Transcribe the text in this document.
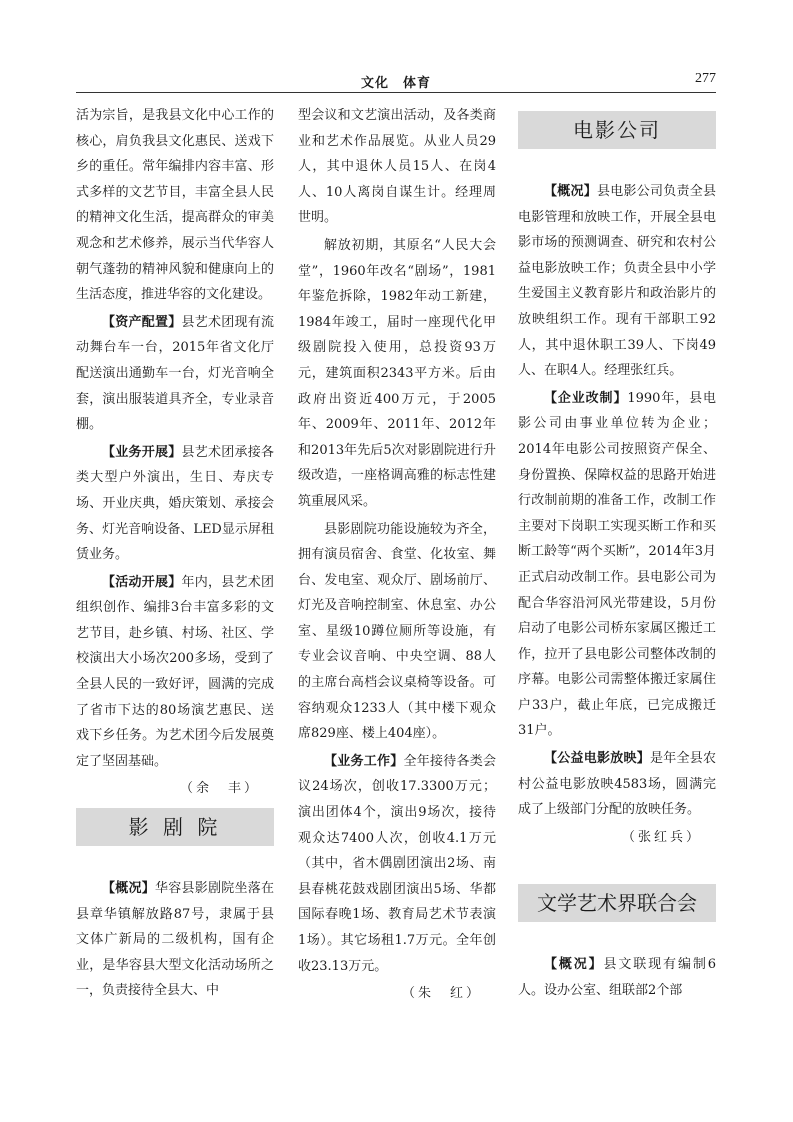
文化　体育	277

活为宗旨，是我县文化中心工作的核心，肩负我县文化惠民、送戏下乡的重任。常年编排内容丰富、形式多样的文艺节目，丰富全县人民的精神文化生活，提高群众的审美观念和艺术修养，展示当代华容人朝气蓬勃的精神风貌和健康向上的生活态度，推进华容的文化建设。

【资产配置】县艺术团现有流动舞台车一台，2015年省文化厅配送演出通勤车一台，灯光音响全套，演出服装道具齐全，专业录音棚。

【业务开展】县艺术团承接各类大型户外演出，生日、寿庆专场、开业庆典，婚庆策划、承接会务、灯光音响设备、LED显示屏租赁业务。

【活动开展】年内，县艺术团组织创作、编排3台丰富多彩的文艺节目，赴乡镇、村场、社区、学校演出大小场次200多场，受到了全县人民的一致好评，圆满的完成了省市下达的80场演艺惠民、送戏下乡任务。为艺术团今后发展奠定了坚固基础。

（余　丰）
影 剧 院

【概况】华容县影剧院坐落在县章华镇解放路87号，隶属于县文体广新局的二级机构，国有企业，是华容县大型文化活动场所之一，负责接待全县大、中

型会议和文艺演出活动，及各类商业和艺术作品展览。从业人员29人，其中退休人员15人、在岗4人、10人离岗自谋生计。经理周世明。

解放初期，其原名“人民大会堂”，1960年改名“剧场”，1981年鉴危拆除，1982年动工新建，1984年竣工，届时一座现代化甲级剧院投入使用，总投资93万元，建筑面积2343平方米。后由政府出资近400万元，于2005年、2009年、2011年、2012年和2013年先后5次对影剧院进行升级改造，一座格调高雅的标志性建筑重展风采。

县影剧院功能设施较为齐全，拥有演员宿舍、食堂、化妆室、舞台、发电室、观众厅、剧场前厅、灯光及音响控制室、休息室、办公室、星级10蹲位厕所等设施，有专业会议音响、中央空调、88人的主席台高档会议桌椅等设备。可容纳观众1233人（其中楼下观众席829座、楼上404座）。

【业务工作】全年接待各类会议24场次，创收17.3300万元；演出团体4个，演出9场次，接待观众达7400人次，创收4.1万元（其中，省木偶剧团演出2场、南县春桃花鼓戏剧团演出5场、华都国际春晚1场、教育局艺术节表演1场）。其它场租1.7万元。全年创收23.13万元。

（朱　红）
电影公司

【概况】县电影公司负责全县电影管理和放映工作，开展全县电影市场的预测调查、研究和农村公益电影放映工作；负责全县中小学生爱国主义教育影片和政治影片的放映组织工作。现有干部职工92人，其中退休职工39人、下岗49人、在职4人。经理张红兵。

【企业改制】1990年，县电影公司由事业单位转为企业；2014年电影公司按照资产保全、身份置换、保障权益的思路开始进行改制前期的准备工作，改制工作主要对下岗职工实现买断工作和买断工龄等“两个买断”，2014年3月正式启动改制工作。县电影公司为配合华容沿河风光带建设，5月份启动了电影公司桥东家属区搬迁工作，拉开了县电影公司整体改制的序幕。电影公司需整体搬迁家属住户33户，截止年底，已完成搬迁31户。

【公益电影放映】是年全县农村公益电影放映4583场，圆满完成了上级部门分配的放映任务。

（张红兵）
文学艺术界联合会

【概况】县文联现有编制6人。设办公室、组联部2个部
